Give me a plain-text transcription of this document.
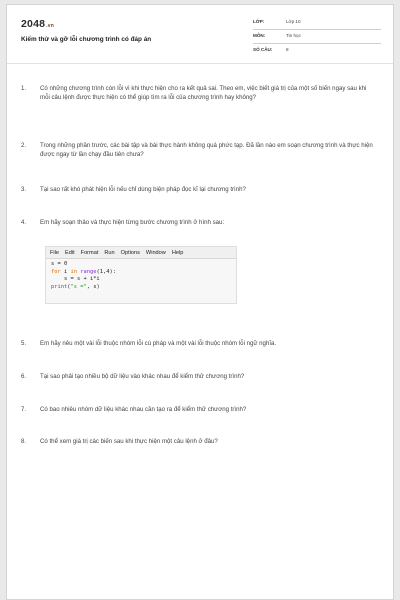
2048.vn
Kiểm thử và gỡ lỗi chương trình có đáp án
LỚP:	Lớp 10
MÔN:	Tin học
SỐ CÂU:	8
1.	Có những chương trình còn lỗi vì khi thực hiện cho ra kết quả sai. Theo em, việc biết giá trị của một số biến ngay sau khi mỗi câu lệnh được thực hiện có thể giúp tìm ra lỗi của chương trình hay không?
2.	Trong những phần trước, các bài tập và bài thực hành không quá phức tạp. Đã lần nào em soạn chương trình và thực hiện được ngay từ lần chạy đầu tiên chưa?
3.	Tại sao rất khó phát hiện lỗi nếu chỉ dùng biện pháp đọc kĩ lại chương trình?
4.	Em hãy soạn thảo và thực hiện từng bước chương trình ở hình sau:
File Edit Format Run Options Window Help
s = 0
for i in range(1,4):
s = s + i*i
print("s =", s)
5.	Em hãy nêu một vài lỗi thuộc nhóm lỗi cú pháp và một vài lỗi thuộc nhóm lỗi ngữ nghĩa.
6.	Tại sao phải tạo nhiều bộ dữ liệu vào khác nhau để kiểm thử chương trình?
7.	Có bao nhiêu nhóm dữ liệu khác nhau cần tạo ra để kiểm thử chương trình?
8.	Có thể xem giá trị các biến sau khi thực hiện một câu lệnh ở đâu?
